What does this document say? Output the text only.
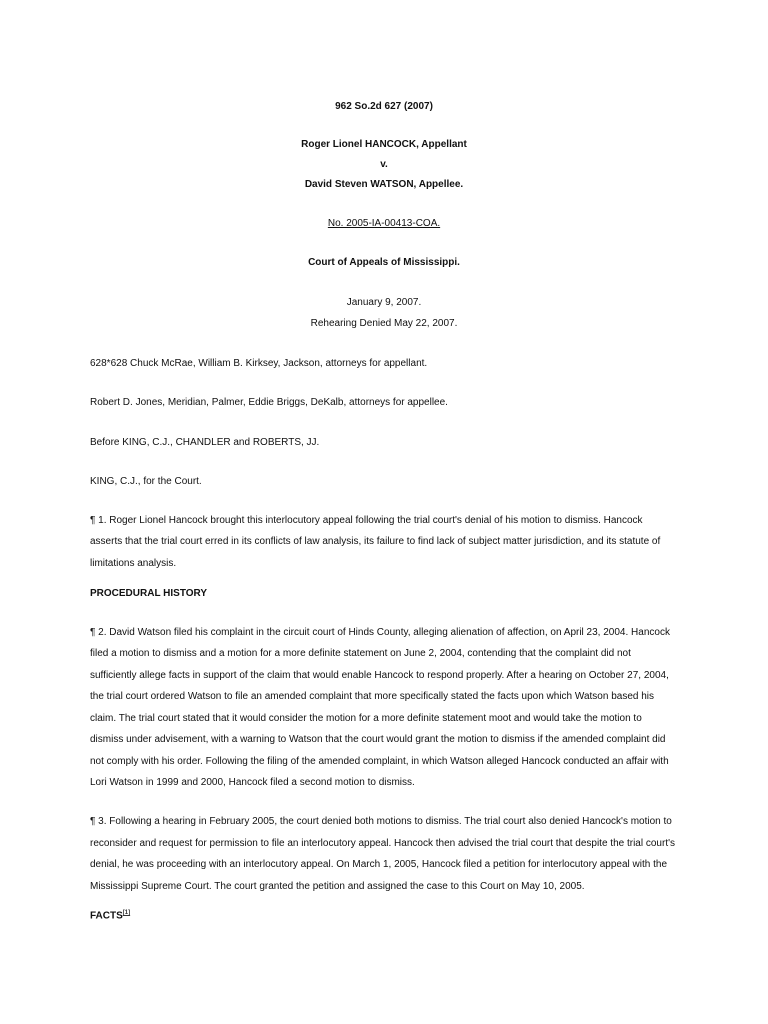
962 So.2d 627 (2007)
Roger Lionel HANCOCK, Appellant
v.
David Steven WATSON, Appellee.
No. 2005-IA-00413-COA.
Court of Appeals of Mississippi.
January 9, 2007.
Rehearing Denied May 22, 2007.
628*628 Chuck McRae, William B. Kirksey, Jackson, attorneys for appellant.
Robert D. Jones, Meridian, Palmer, Eddie Briggs, DeKalb, attorneys for appellee.
Before KING, C.J., CHANDLER and ROBERTS, JJ.
KING, C.J., for the Court.
¶ 1. Roger Lionel Hancock brought this interlocutory appeal following the trial court's denial of his motion to dismiss. Hancock
asserts that the trial court erred in its conflicts of law analysis, its failure to find lack of subject matter jurisdiction, and its statute of
limitations analysis.
PROCEDURAL HISTORY
¶ 2. David Watson filed his complaint in the circuit court of Hinds County, alleging alienation of affection, on April 23, 2004. Hancock
filed a motion to dismiss and a motion for a more definite statement on June 2, 2004, contending that the complaint did not
sufficiently allege facts in support of the claim that would enable Hancock to respond properly. After a hearing on October 27, 2004,
the trial court ordered Watson to file an amended complaint that more specifically stated the facts upon which Watson based his
claim. The trial court stated that it would consider the motion for a more definite statement moot and would take the motion to
dismiss under advisement, with a warning to Watson that the court would grant the motion to dismiss if the amended complaint did
not comply with his order. Following the filing of the amended complaint, in which Watson alleged Hancock conducted an affair with
Lori Watson in 1999 and 2000, Hancock filed a second motion to dismiss.
¶ 3. Following a hearing in February 2005, the court denied both motions to dismiss. The trial court also denied Hancock's motion to
reconsider and request for permission to file an interlocutory appeal. Hancock then advised the trial court that despite the trial court's
denial, he was proceeding with an interlocutory appeal. On March 1, 2005, Hancock filed a petition for interlocutory appeal with the
Mississippi Supreme Court. The court granted the petition and assigned the case to this Court on May 10, 2005.
FACTS[1]
